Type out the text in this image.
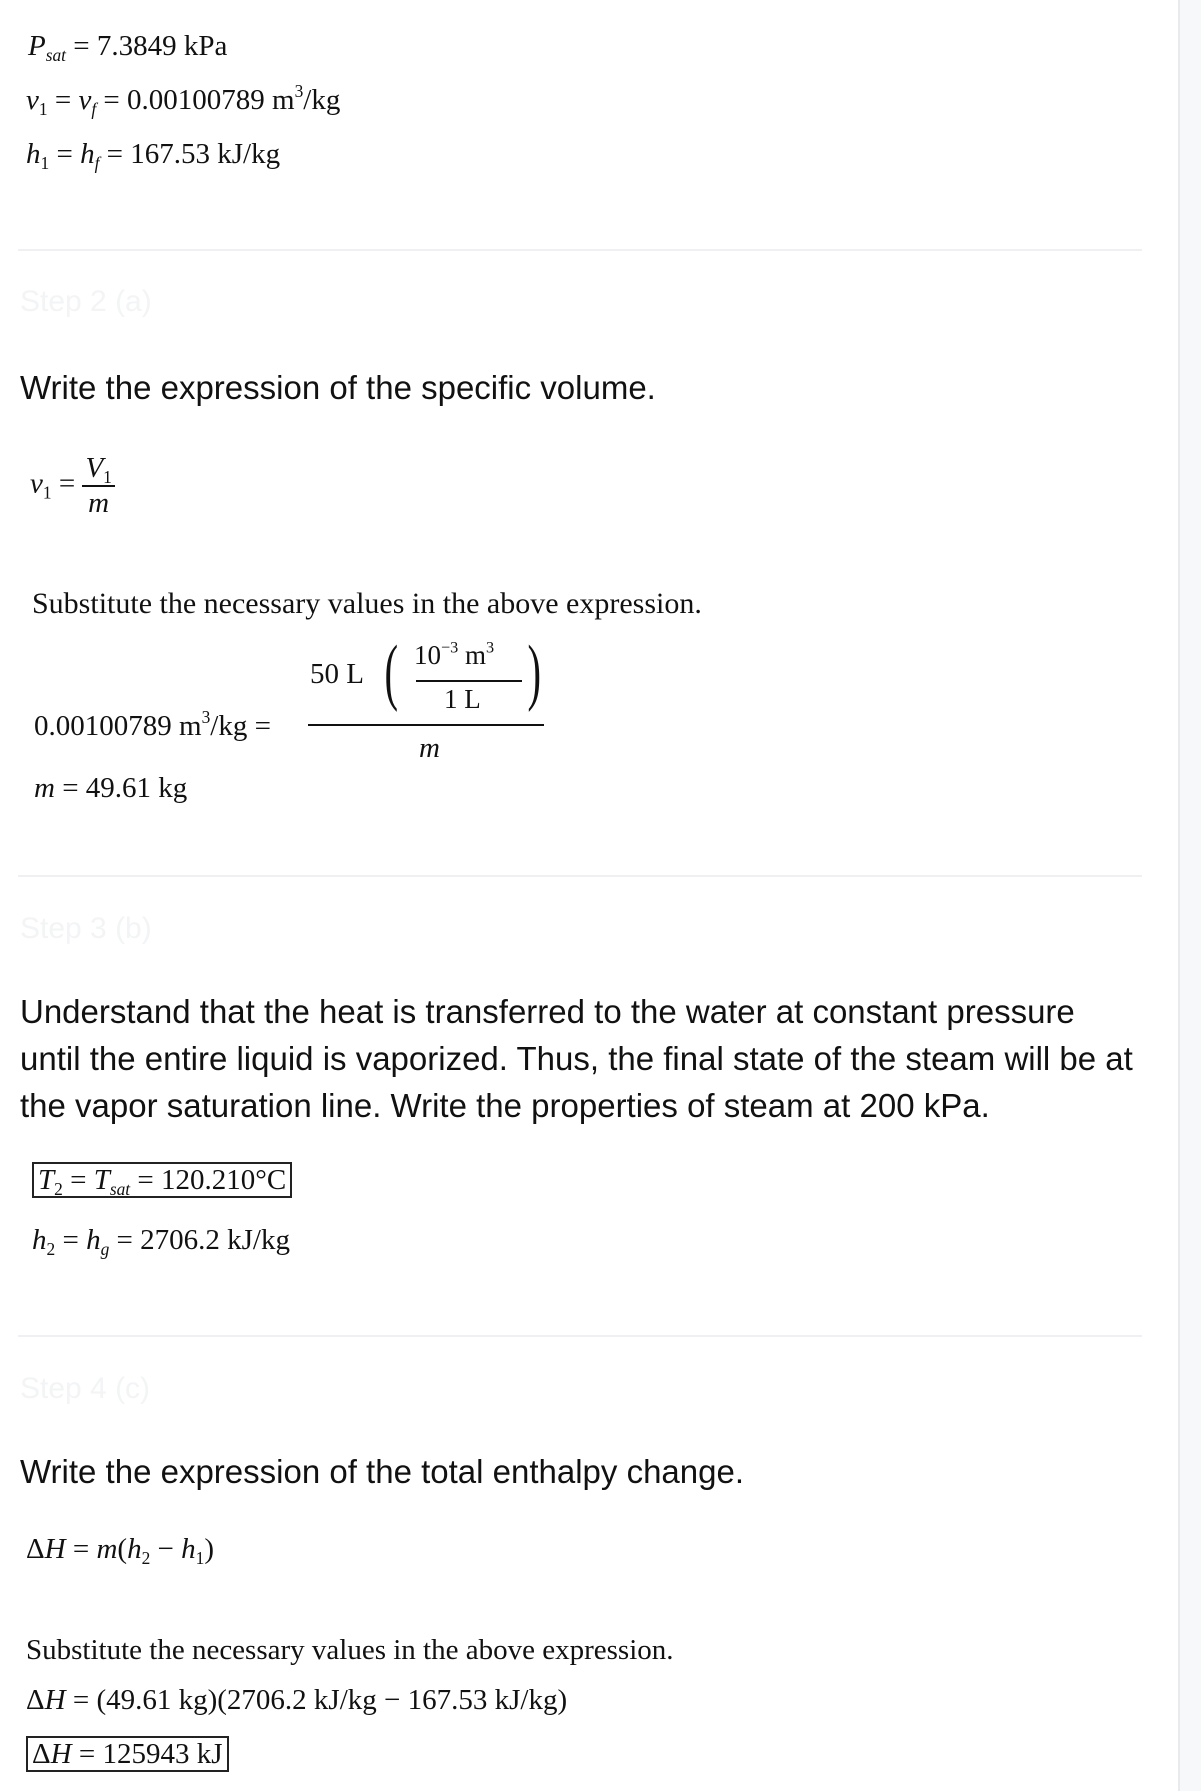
$P_{sat} = 7.3849$ kPa
$v_1 = v_f = 0.00100789$ $m^3/kg$
$h_1 = h_f = 167.53$ kJ/kg
Step 2 (a)
Write the expression of the specific volume.
$v_1 = \frac{V_1}{m}$
Substitute the necessary values in the above expression.
0.00100789 $m^3/kg$ =
50 L ( $10^{-3}$ $m^3$
1 L )
m
m = 49.61 kg
Step 3 (b)
Understand that the heat is transferred to the water at constant pressure until the entire liquid is vaporized. Thus, the final state of the steam will be at the vapor saturation line. Write the properties of steam at 200 kPa.
$T_2 = T_{sat} = 120.210^\circ C$
$h_2 = h_g = 2706.2$ kJ/kg
Step 4 (c)
Write the expression of the total enthalpy change.
$\Delta H = m(h_2 - h_1)$
Substitute the necessary values in the above expression.
ΔH = (49.61 kg)(2706.2 kJ/kg − 167.53 kJ/kg)
ΔH = 125943 kJ
